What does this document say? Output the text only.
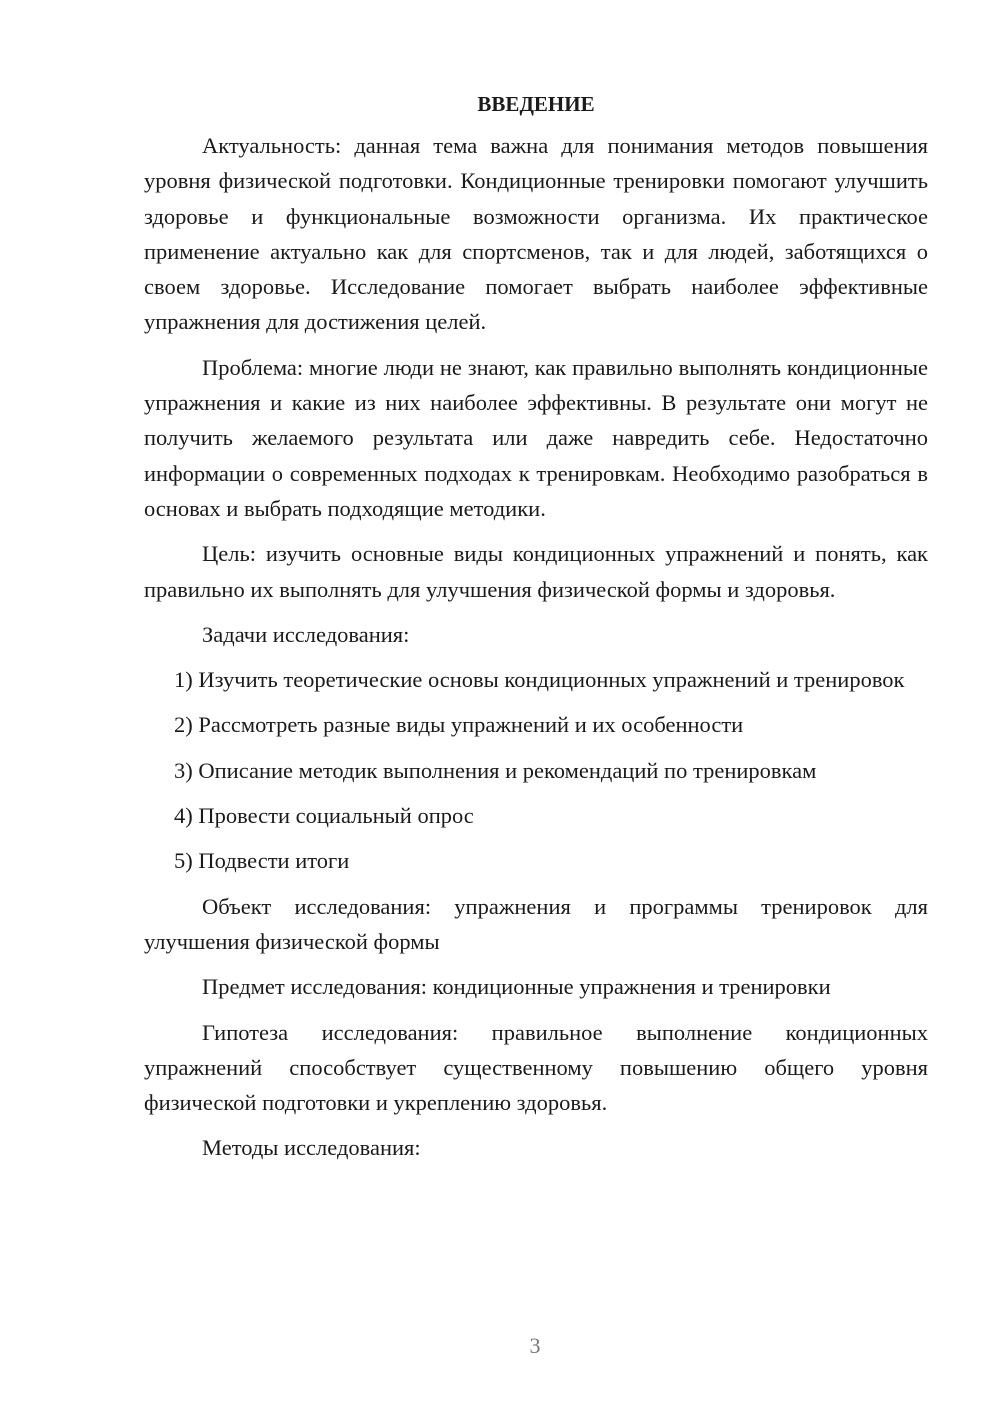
ВВЕДЕНИЕ

Актуальность: данная тема важна для понимания методов повышения уровня физической подготовки. Кондиционные тренировки помогают улучшить здоровье и функциональные возможности организма. Их практическое применение актуально как для спортсменов, так и для людей, заботящихся о своем здоровье. Исследование помогает выбрать наиболее эффективные упражнения для достижения целей.

Проблема: многие люди не знают, как правильно выполнять кондиционные упражнения и какие из них наиболее эффективны. В результате они могут не получить желаемого результата или даже навредить себе. Недостаточно информации о современных подходах к тренировкам. Необходимо разобраться в основах и выбрать подходящие методики.

Цель: изучить основные виды кондиционных упражнений и понять, как правильно их выполнять для улучшения физической формы и здоровья.

Задачи исследования:

1) Изучить теоретические основы кондиционных упражнений и тренировок

2) Рассмотреть разные виды упражнений и их особенности

3) Описание методик выполнения и рекомендаций по тренировкам

4) Провести социальный опрос

5) Подвести итоги

Объект исследования: упражнения и программы тренировок для улучшения физической формы

Предмет исследования: кондиционные упражнения и тренировки

Гипотеза исследования: правильное выполнение кондиционных упражнений способствует существенному повышению общего уровня физической подготовки и укреплению здоровья.

Методы исследования:

3
